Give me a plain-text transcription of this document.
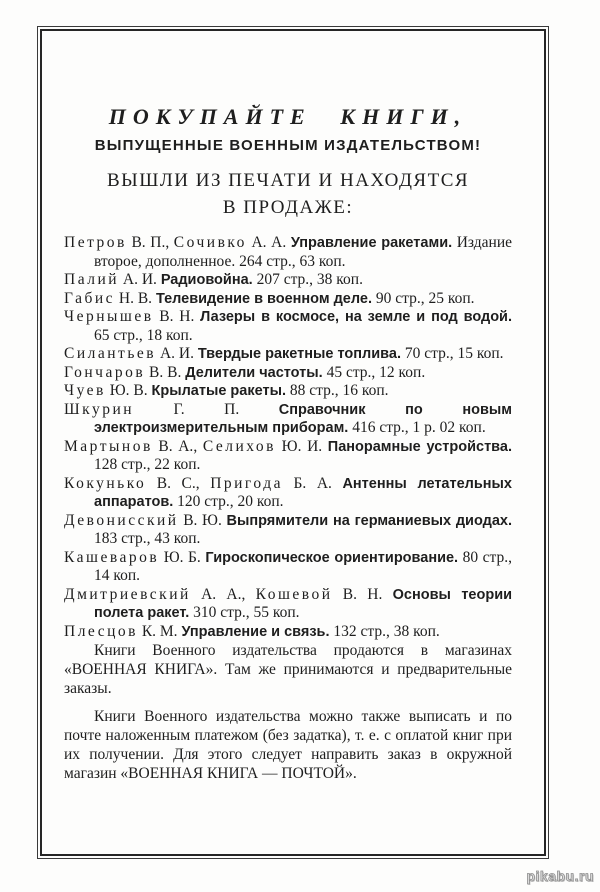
ПОКУПАЙТЕ КНИГИ,
ВЫПУЩЕННЫЕ ВОЕННЫМ ИЗДАТЕЛЬСТВОМ!
ВЫШЛИ ИЗ ПЕЧАТИ И НАХОДЯТСЯ
В ПРОДАЖЕ:
Петров В. П., Сочивко А. А. Управление ракетами. Издание второе, дополненное. 264 стр., 63 коп.
Палий А. И. Радиовойна. 207 стр., 38 коп.
Габис Н. В. Телевидение в военном деле. 90 стр., 25 коп.
Чернышев В. Н. Лазеры в космосе, на земле и под водой. 65 стр., 18 коп.
Силантьев А. И. Твердые ракетные топлива. 70 стр., 15 коп.
Гончаров В. В. Делители частоты. 45 стр., 12 коп.
Чуев Ю. В. Крылатые ракеты. 88 стр., 16 коп.
Шкурин Г. П.	Справочник по новым электроизмерительным приборам. 416 стр., 1 р. 02 коп.
Мартынов В. А., Селихов Ю. И. Панорамные устройства. 128 стр., 22 коп.
Кокунько В. С., Пригода Б. А. Антенны летательных аппаратов. 120 стр., 20 коп.
Девонисский В. Ю. Выпрямители на германиевых диодах. 183 стр., 43 коп.
Кашеваров Ю. Б. Гироскопическое ориентирование. 80 стр., 14 коп.
Дмитриевский А. А., Кошевой В. Н. Основы теории полета ракет. 310 стр., 55 коп.
Плесцов К. М. Управление и связь. 132 стр., 38 коп.

Книги Военного издательства продаются в магазинах «ВОЕННАЯ КНИГА». Там же принимаются и предварительные заказы.

Книги Военного издательства можно также выписать и по почте наложенным платежом (без задатка), т. е. с оплатой книг при их получении. Для этого следует направить заказ в окружной магазин «ВОЕННАЯ КНИГА — ПОЧТОЙ».

pikabu.ru
